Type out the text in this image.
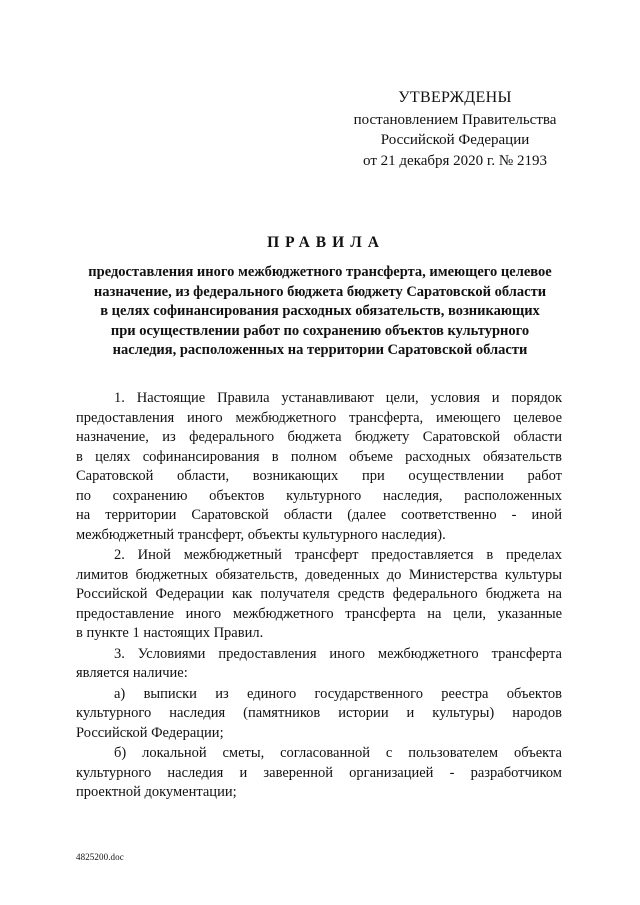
УТВЕРЖДЕНЫ
постановлением Правительства
Российской Федерации
от 21 декабря 2020 г. № 2193
ПРАВИЛА
предоставления иного межбюджетного трансферта, имеющего целевое
назначение, из федерального бюджета бюджету Саратовской области
в целях софинансирования расходных обязательств, возникающих
при осуществлении работ по сохранению объектов культурного
наследия, расположенных на территории Саратовской области
1. Настоящие Правила устанавливают цели, условия и порядок
предоставления иного межбюджетного трансферта, имеющего целевое
назначение, из федерального бюджета бюджету Саратовской области
в целях софинансирования в полном объеме расходных обязательств
Саратовской области, возникающих при осуществлении работ
по сохранению объектов культурного наследия, расположенных
на территории Саратовской области (далее соответственно - иной
межбюджетный трансферт, объекты культурного наследия).
2. Иной межбюджетный трансферт предоставляется в пределах
лимитов бюджетных обязательств, доведенных до Министерства культуры
Российской Федерации как получателя средств федерального бюджета на
предоставление иного межбюджетного трансферта на цели, указанные
в пункте 1 настоящих Правил.
3. Условиями предоставления иного межбюджетного трансферта
является наличие:
а) выписки из единого государственного реестра объектов
культурного наследия (памятников истории и культуры) народов
Российской Федерации;
б) локальной сметы, согласованной с пользователем объекта
культурного наследия и заверенной организацией - разработчиком
проектной документации;
4825200.doc
